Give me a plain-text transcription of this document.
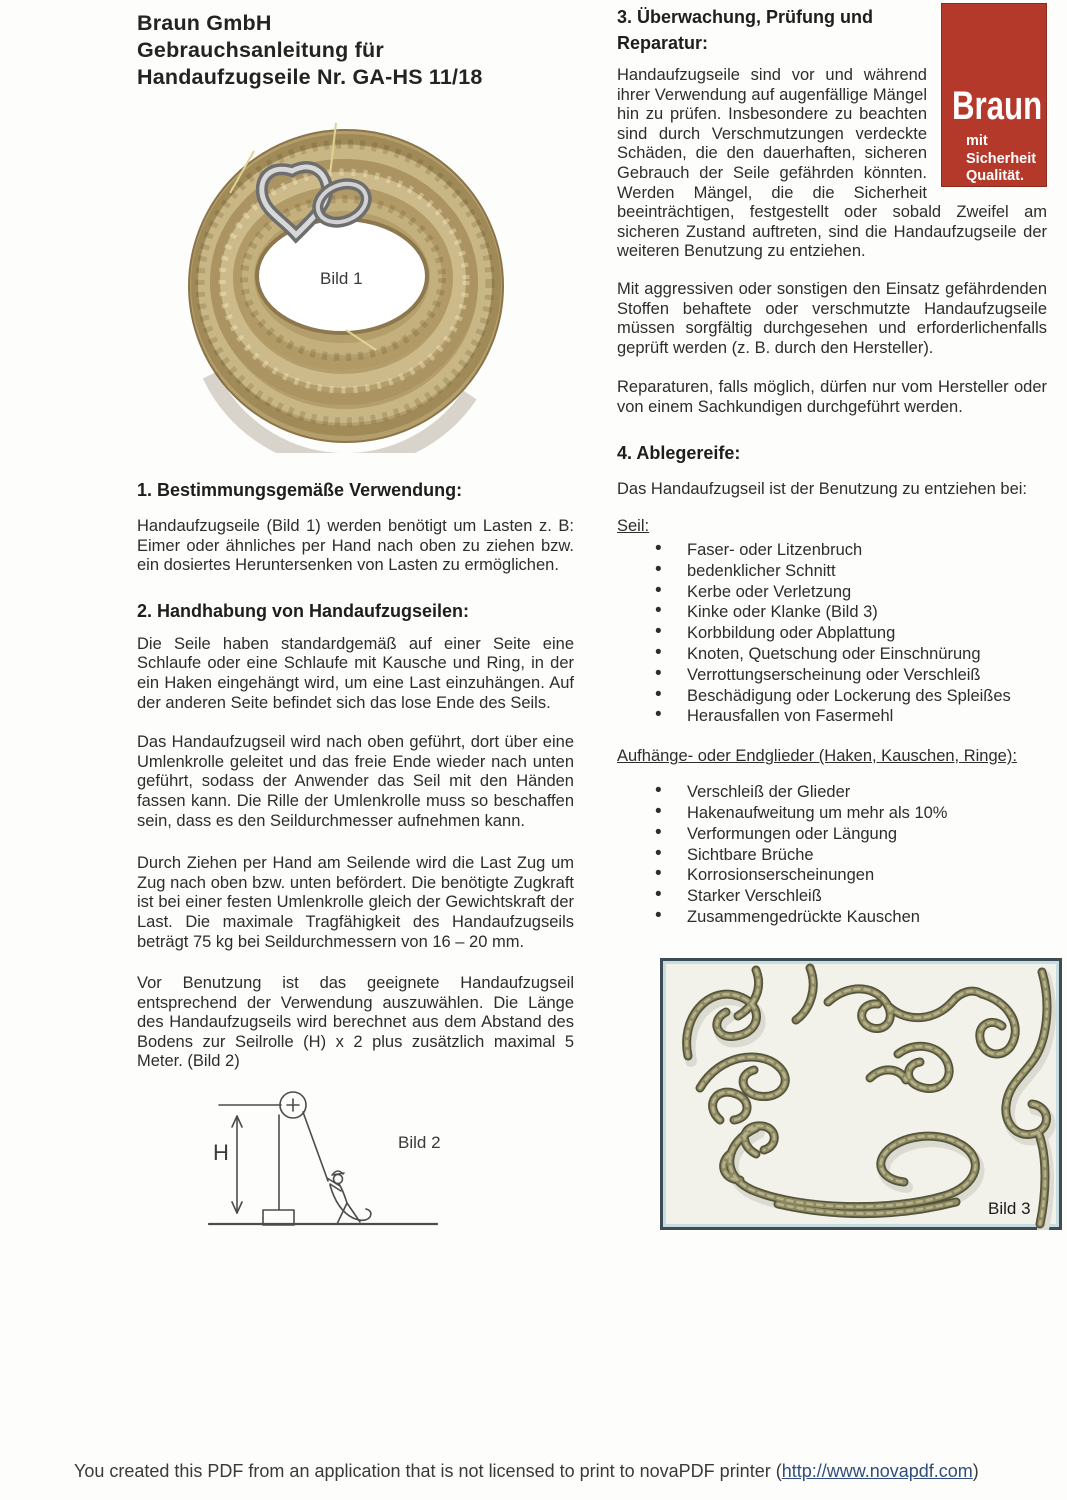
Braun GmbH
Gebrauchsanleitung für
Handaufzugseile Nr. GA-HS 11/18
Bild 1
1. Bestimmungsgemäße Verwendung:

Handaufzugseile (Bild 1) werden benötigt um Lasten z. B: Eimer oder ähnliches per Hand nach oben zu ziehen bzw. ein dosiertes Heruntersenken von Lasten zu ermöglichen.

2. Handhabung von Handaufzugseilen:

Die Seile haben standardgemäß auf einer Seite eine Schlaufe oder eine Schlaufe mit Kausche und Ring, in der ein Haken eingehängt wird, um eine Last einzuhängen. Auf der anderen Seite befindet sich das lose Ende des Seils.

Das Handaufzugseil wird nach oben geführt, dort über eine Umlenkrolle geleitet und das freie Ende wieder nach unten geführt, sodass der Anwender das Seil mit den Händen fassen kann. Die Rille der Umlenkrolle muss so beschaffen sein, dass es den Seildurchmesser aufnehmen kann.

Durch Ziehen per Hand am Seilende wird die Last Zug um Zug nach oben bzw. unten befördert. Die benötigte Zugkraft ist bei einer festen Umlenkrolle gleich der Gewichtskraft der Last. Die maximale Tragfähigkeit des Handaufzugseils beträgt 75 kg bei Seildurchmessern von 16 – 20 mm.

Vor Benutzung ist das geeignete Handaufzugseil entsprechend der Verwendung auszuwählen. Die Länge des Handaufzugseils wird berechnet aus dem Abstand des Bodens zur Seilrolle (H) x 2 plus zusätzlich maximal 5 Meter. (Bild 2)

H	Bild 2
Braun
mit
Sicherheit
Qualität.
3. Überwachung, Prüfung und Reparatur:

Handaufzugseile sind vor und während ihrer Verwendung auf augenfällige Mängel hin zu prüfen. Insbesondere zu beachten sind durch Verschmutzungen verdeckte Schäden, die den dauerhaften, sicheren Gebrauch der Seile gefährden könnten. Werden Mängel, die die Sicherheit beeinträchtigen, festgestellt oder sobald Zweifel am sicheren Zustand auftreten, sind die Handaufzugseile der weiteren Benutzung zu entziehen.

Mit aggressiven oder sonstigen den Einsatz gefährdenden Stoffen behaftete oder verschmutzte Handaufzugseile müssen sorgfältig durchgesehen und erforderlichenfalls geprüft werden (z. B. durch den Hersteller).

Reparaturen, falls möglich, dürfen nur vom Hersteller oder von einem Sachkundigen durchgeführt werden.

4. Ablegereife:

Das Handaufzugseil ist der Benutzung zu entziehen bei:

Seil:

• Faser- oder Litzenbruch
• bedenklicher Schnitt
• Kerbe oder Verletzung
• Kinke oder Klanke (Bild 3)
• Korbbildung oder Abplattung
• Knoten, Quetschung oder Einschnürung
• Verrottungserscheinung oder Verschleiß
• Beschädigung oder Lockerung des Spleißes
• Herausfallen von Fasermehl

Aufhänge- oder Endglieder (Haken, Kauschen, Ringe):

• Verschleiß der Glieder
• Hakenaufweitung um mehr als 10%
• Verformungen oder Längung
• Sichtbare Brüche
• Korrosionserscheinungen
• Starker Verschleiß
• Zusammengedrückte Kauschen
Bild 3
You created this PDF from an application that is not licensed to print to novaPDF printer (http://www.novapdf.com)
